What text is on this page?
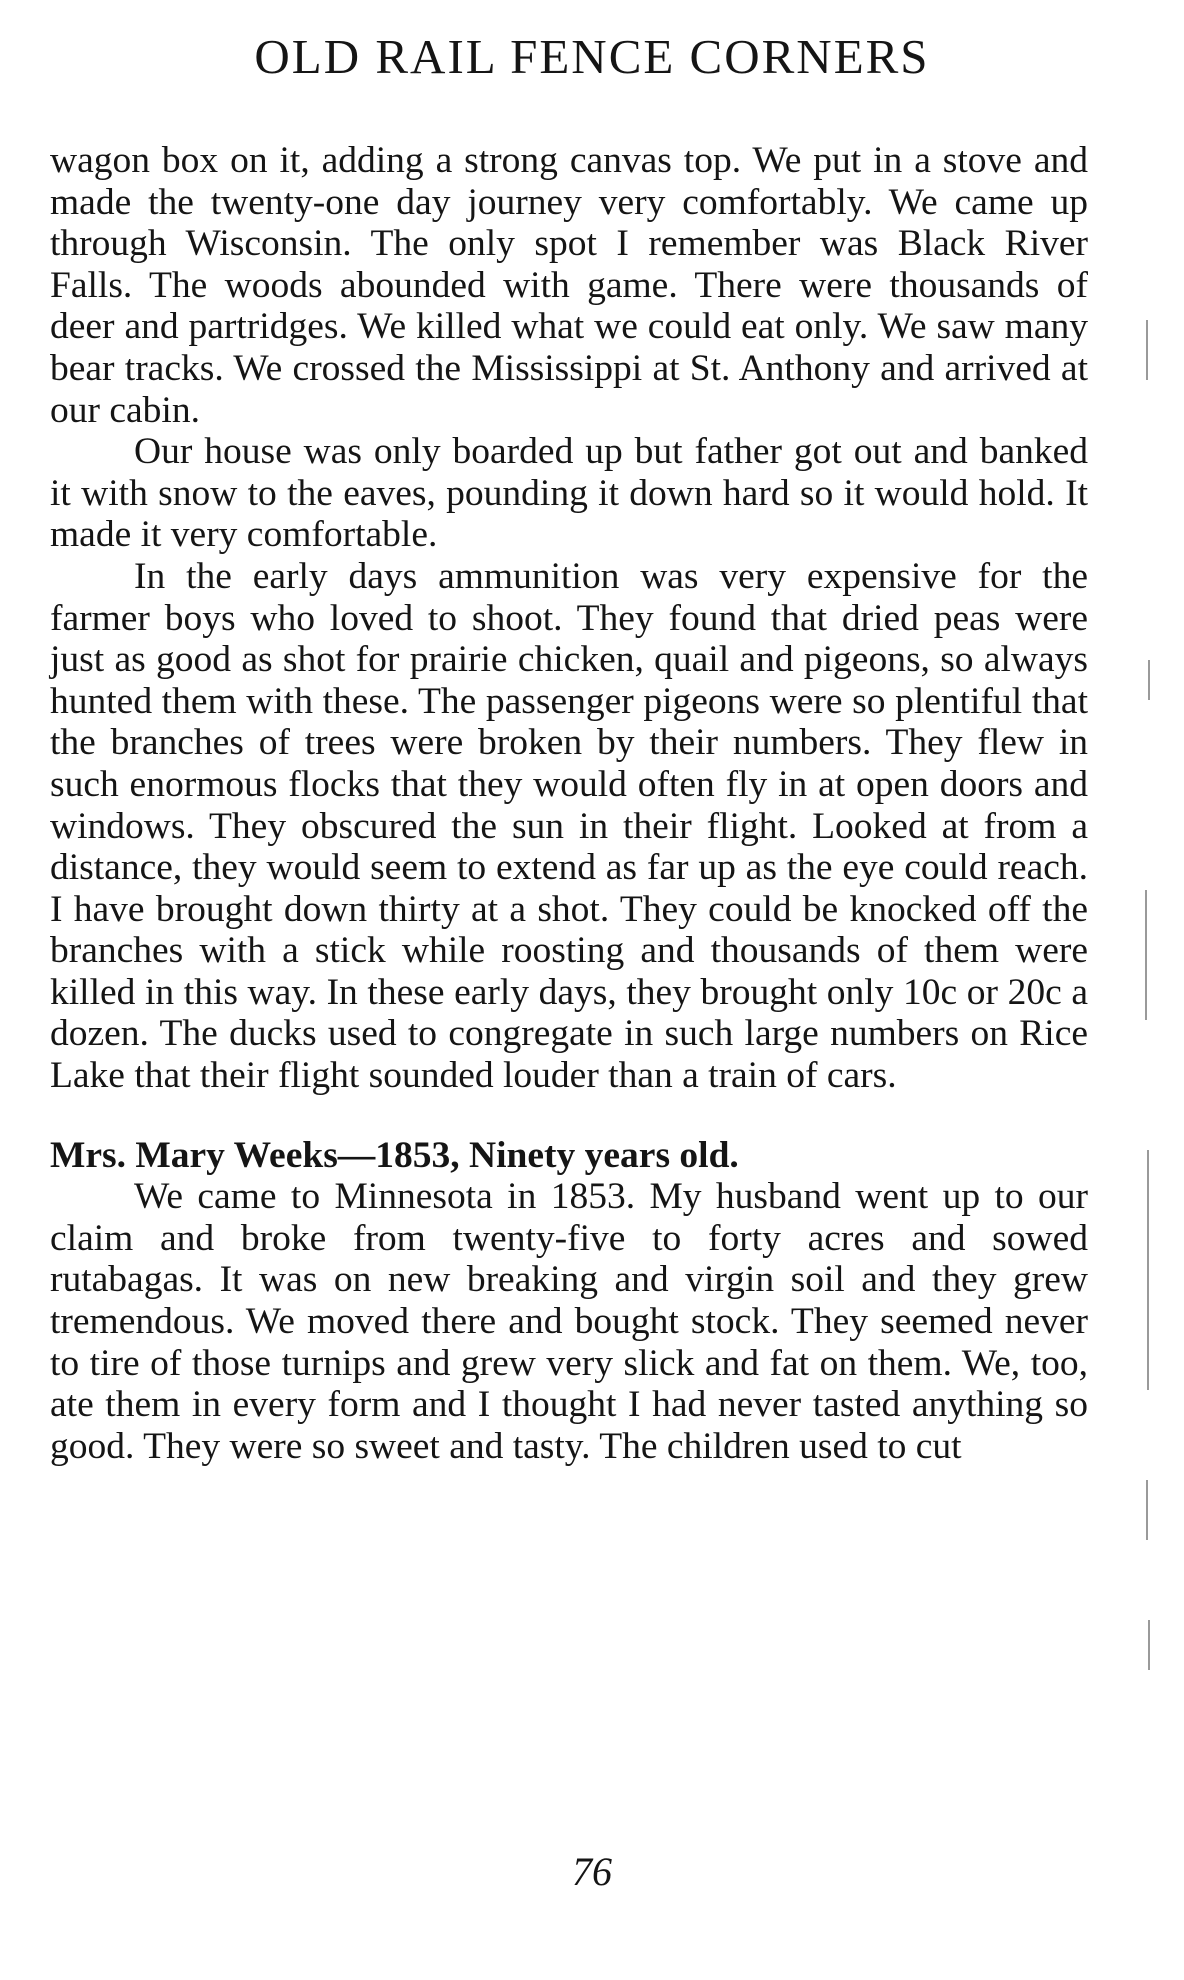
OLD RAIL FENCE CORNERS

wagon box on it, adding a strong canvas top. We put in a stove and made the twenty-one day journey very comfortably. We came up through Wisconsin. The only spot I remember was Black River Falls. The woods abounded with game. There were thousands of deer and partridges. We killed what we could eat only. We saw many bear tracks. We crossed the Mississippi at St. Anthony and arrived at our cabin.

Our house was only boarded up but father got out and banked it with snow to the eaves, pounding it down hard so it would hold. It made it very comfortable.

In the early days ammunition was very expensive for the farmer boys who loved to shoot. They found that dried peas were just as good as shot for prairie chicken, quail and pigeons, so always hunted them with these. The passenger pigeons were so plentiful that the branches of trees were broken by their numbers. They flew in such enormous flocks that they would often fly in at open doors and windows. They obscured the sun in their flight. Looked at from a distance, they would seem to extend as far up as the eye could reach. I have brought down thirty at a shot. They could be knocked off the branches with a stick while roosting and thousands of them were killed in this way. In these early days, they brought only 10c or 20c a dozen. The ducks used to congregate in such large numbers on Rice Lake that their flight sounded louder than a train of cars.

Mrs. Mary Weeks—1853, Ninety years old.

We came to Minnesota in 1853. My husband went up to our claim and broke from twenty-five to forty acres and sowed rutabagas. It was on new breaking and virgin soil and they grew tremendous. We moved there and bought stock. They seemed never to tire of those turnips and grew very slick and fat on them. We, too, ate them in every form and I thought I had never tasted anything so good. They were so sweet and tasty. The children used to cut

76
